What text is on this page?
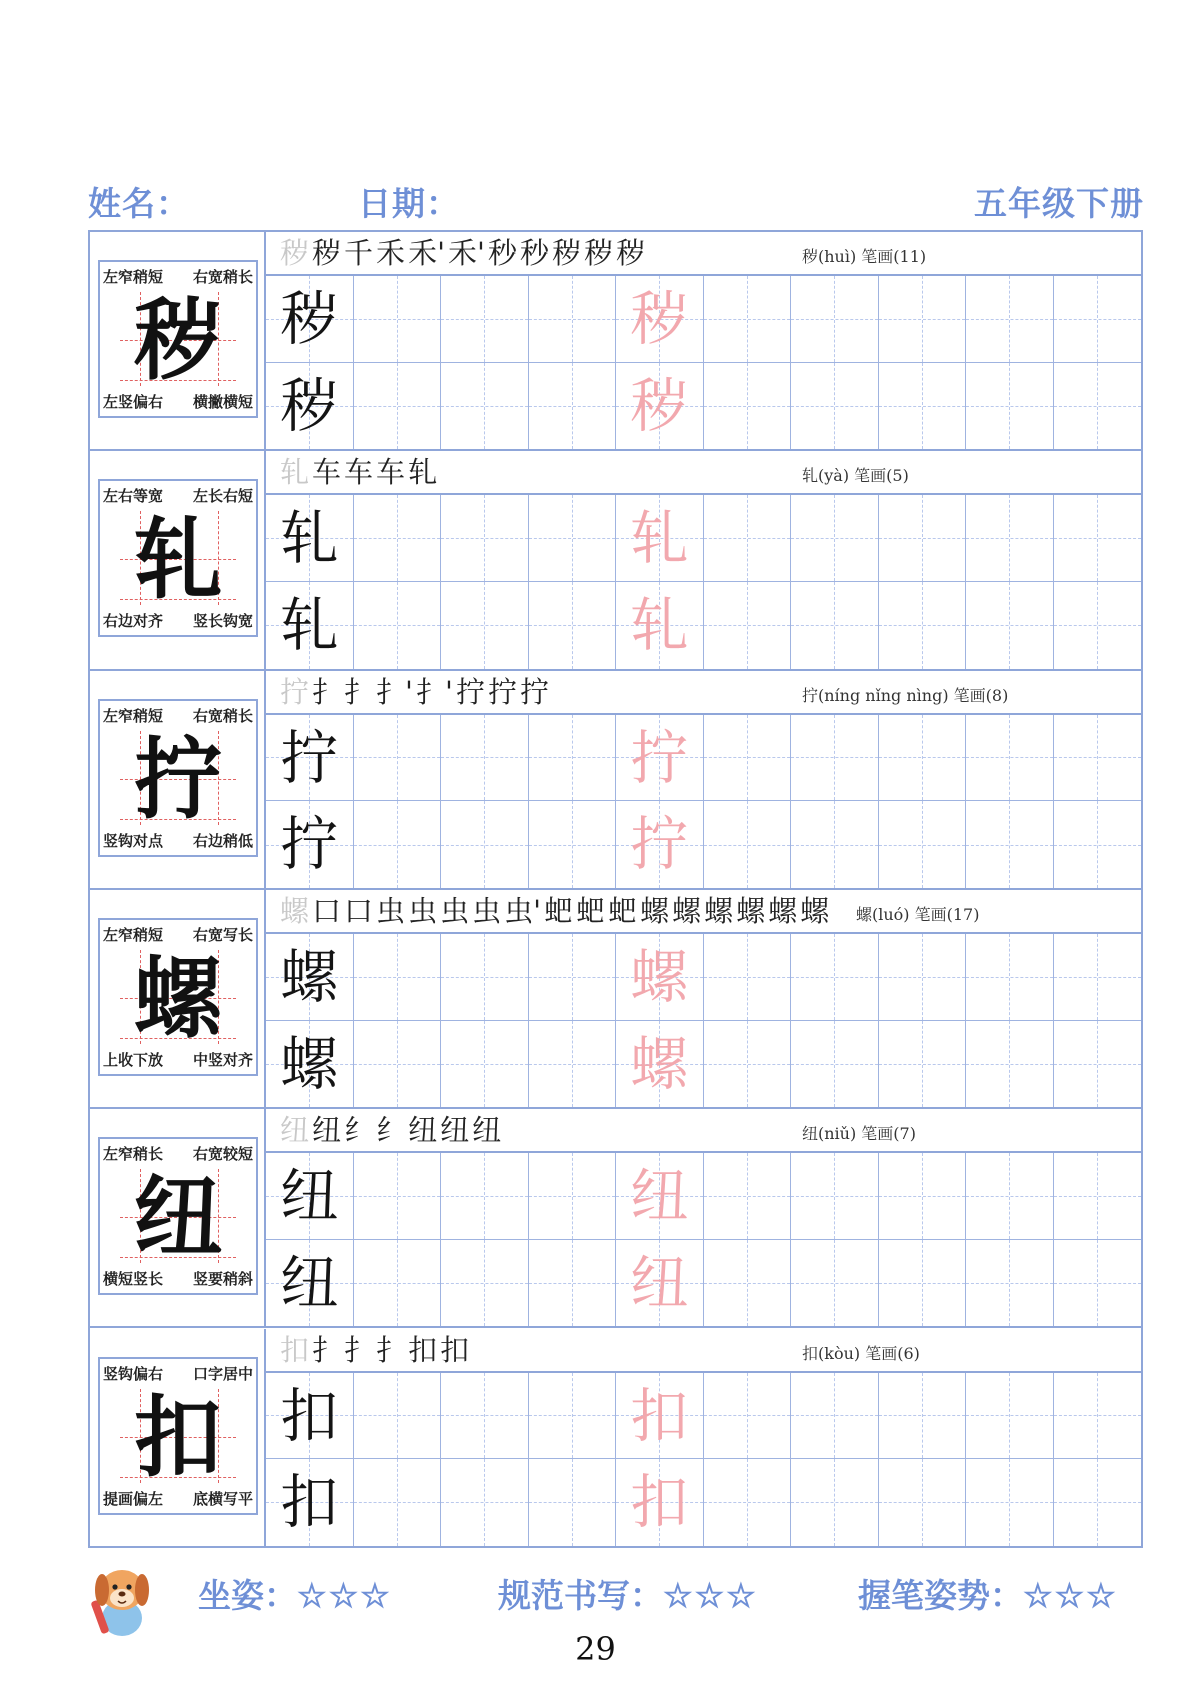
姓名：	日期：	五年级下册
左窄稍短 右宽稍长
左竖偏右 横撇横短
秽
秽 秽 千 禾 禾' 禾' 秒 秒 秽 秽 秽	秽(huì) 笔画(11)
秽	秽
秽	秽
左右等宽 左长右短
右边对齐 竖长钩宽
轧
轧 车 车 车 轧	轧(yà) 笔画(5)
轧	轧
轧	轧
左窄稍短 右宽稍长
竖钩对点 右边稍低
拧
拧 扌 扌 扌' 扌' 拧 拧 拧	拧(níng nǐng nìng) 笔画(8)
拧	拧
拧	拧
左窄稍短 右宽写长
上收下放 中竖对齐
螺
螺 口 口 虫 虫 虫 虫 虫' 蚆 蚆 蚆 螺 螺 螺 螺 螺 螺 螺(luó) 笔画(17)
螺	螺
螺	螺
左窄稍长 右宽较短
横短竖长 竖要稍斜
纽
纽 纽 纟 纟 纽 纽 纽	纽(niǔ) 笔画(7)
纽	纽
纽	纽
竖钩偏右 口字居中
提画偏左 底横写平
扣
扣 扌 扌 扌 扣 扣	扣(kòu) 笔画(6)
扣	扣
扣	扣
坐姿：☆☆☆	规范书写：☆☆☆	握笔姿势：☆☆☆
29
